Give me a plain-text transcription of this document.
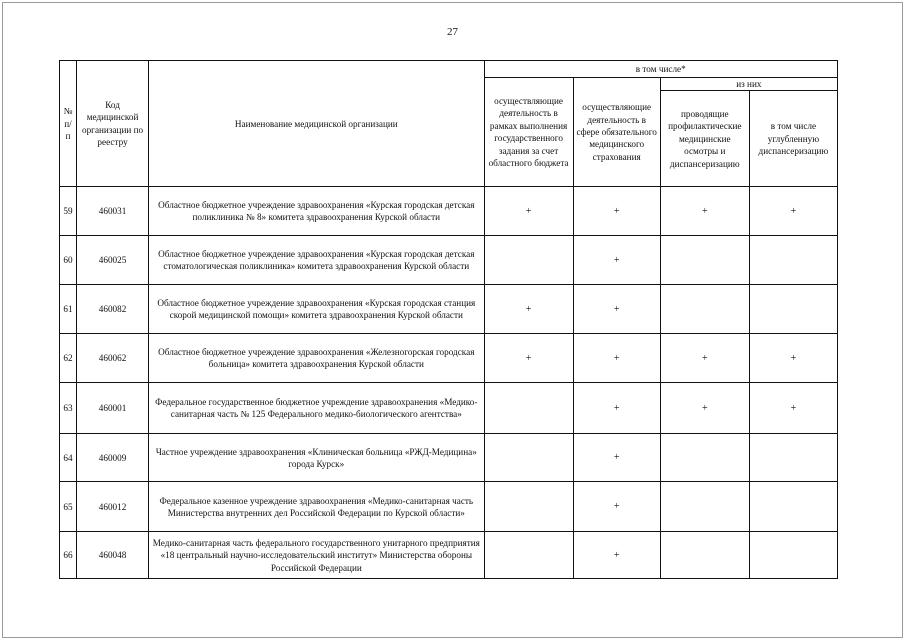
27
№ п/п	Код медицинской организации по реестру	Наименование медицинской организации	в том числе*			
			осуществляющие деятельность в рамках выполнения государственного задания за счет областного бюджета	осуществляющие деятельность в сфере обязательного медицинского страхования	из них	
					проводящие профилактические медицинские осмотры и диспансеризацию	в том числе углубленную диспансеризацию
59	460031	Областное бюджетное учреждение здравоохранения «Курская городская детская поликлиника № 8» комитета здравоохранения Курской области	+	+	+	+
60	460025	Областное бюджетное учреждение здравоохранения «Курская городская детская стоматологическая поликлиника» комитета здравоохранения Курской области		+		
61	460082	Областное бюджетное учреждение здравоохранения «Курская городская станция скорой медицинской помощи» комитета здравоохранения Курской области	+	+		
62	460062	Областное бюджетное учреждение здравоохранения «Железногорская городская больница» комитета здравоохранения Курской области	+	+	+	+
63	460001	Федеральное государственное бюджетное учреждение здравоохранения «Медико-санитарная часть № 125 Федерального медико-биологического агентства»		+	+	+
64	460009	Частное учреждение здравоохранения «Клиническая больница «РЖД-Медицина» города Курск»		+		
65	460012	Федеральное казенное учреждение здравоохранения «Медико-санитарная часть Министерства внутренних дел Российской Федерации по Курской области»		+		
66	460048	Медико-санитарная часть федерального государственного унитарного предприятия «18 центральный научно-исследовательский институт» Министерства обороны Российской Федерации		+		
